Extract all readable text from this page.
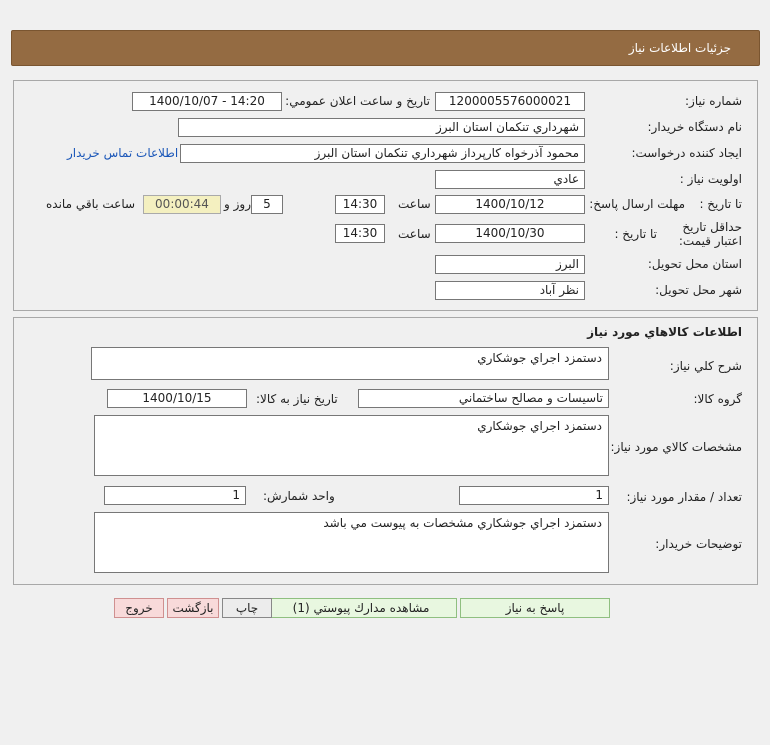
جزئيات اطلاعات نياز
شماره نياز:
1200005576000021
تاريخ و ساعت اعلان عمومي:
1400/10/07 - 14:20
نام دستگاه خريدار:
شهرداري تنكمان استان البرز
ايجاد كننده درخواست:
محمود آذرخواه كارپرداز شهرداري تنكمان استان البرز
اطلاعات تماس خريدار
اولويت نياز :
عادي
مهلت ارسال پاسخ: تا تاريخ :
1400/10/12
ساعت
14:30
5
روز و
00:00:44
ساعت باقي مانده
حداقل تاريخ اعتبار قيمت:
تا تاريخ :
1400/10/30
ساعت
14:30
استان محل تحويل:
البرز
شهر محل تحويل:
نظر آباد
اطلاعات كالاهاي مورد نياز
شرح كلي نياز:
دستمزد اجراي جوشكاري
گروه كالا:
تاسيسات و مصالح ساختماني
تاريخ نياز به كالا:
1400/10/15
مشخصات كالاي مورد نياز:
دستمزد اجراي جوشكاري
تعداد / مقدار مورد نياز:
1
واحد شمارش:
1
توضيحات خريدار:
دستمزد اجراي جوشكاري مشخصات به پيوست مي باشد
پاسخ به نياز
مشاهده مدارك پيوستي (1)
چاپ
بازگشت
خروج
